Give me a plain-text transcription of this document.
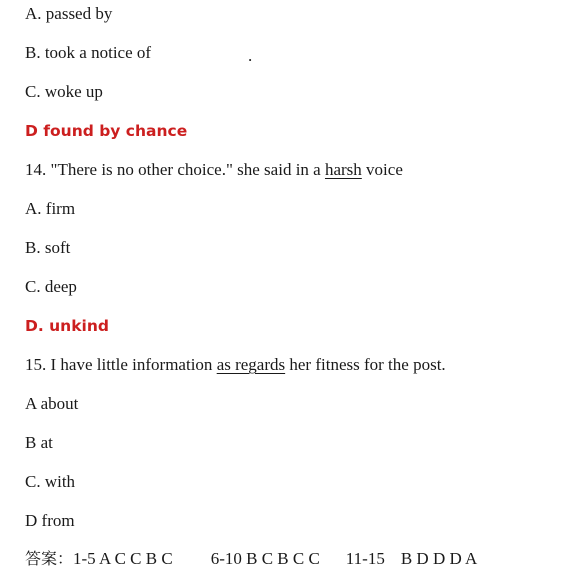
A. passed by
B. took a notice of	.
C. woke up
D found by chance
14. "There is no other choice." she said in a harsh voice
A. firm
B. soft
C. deep
D. unkind
15. I have little information as regards her fitness for the post.
A about
B at
C. with
D from
答案：1-5 A C C B C 6-10 B C B C C 11-15 B D D D A
